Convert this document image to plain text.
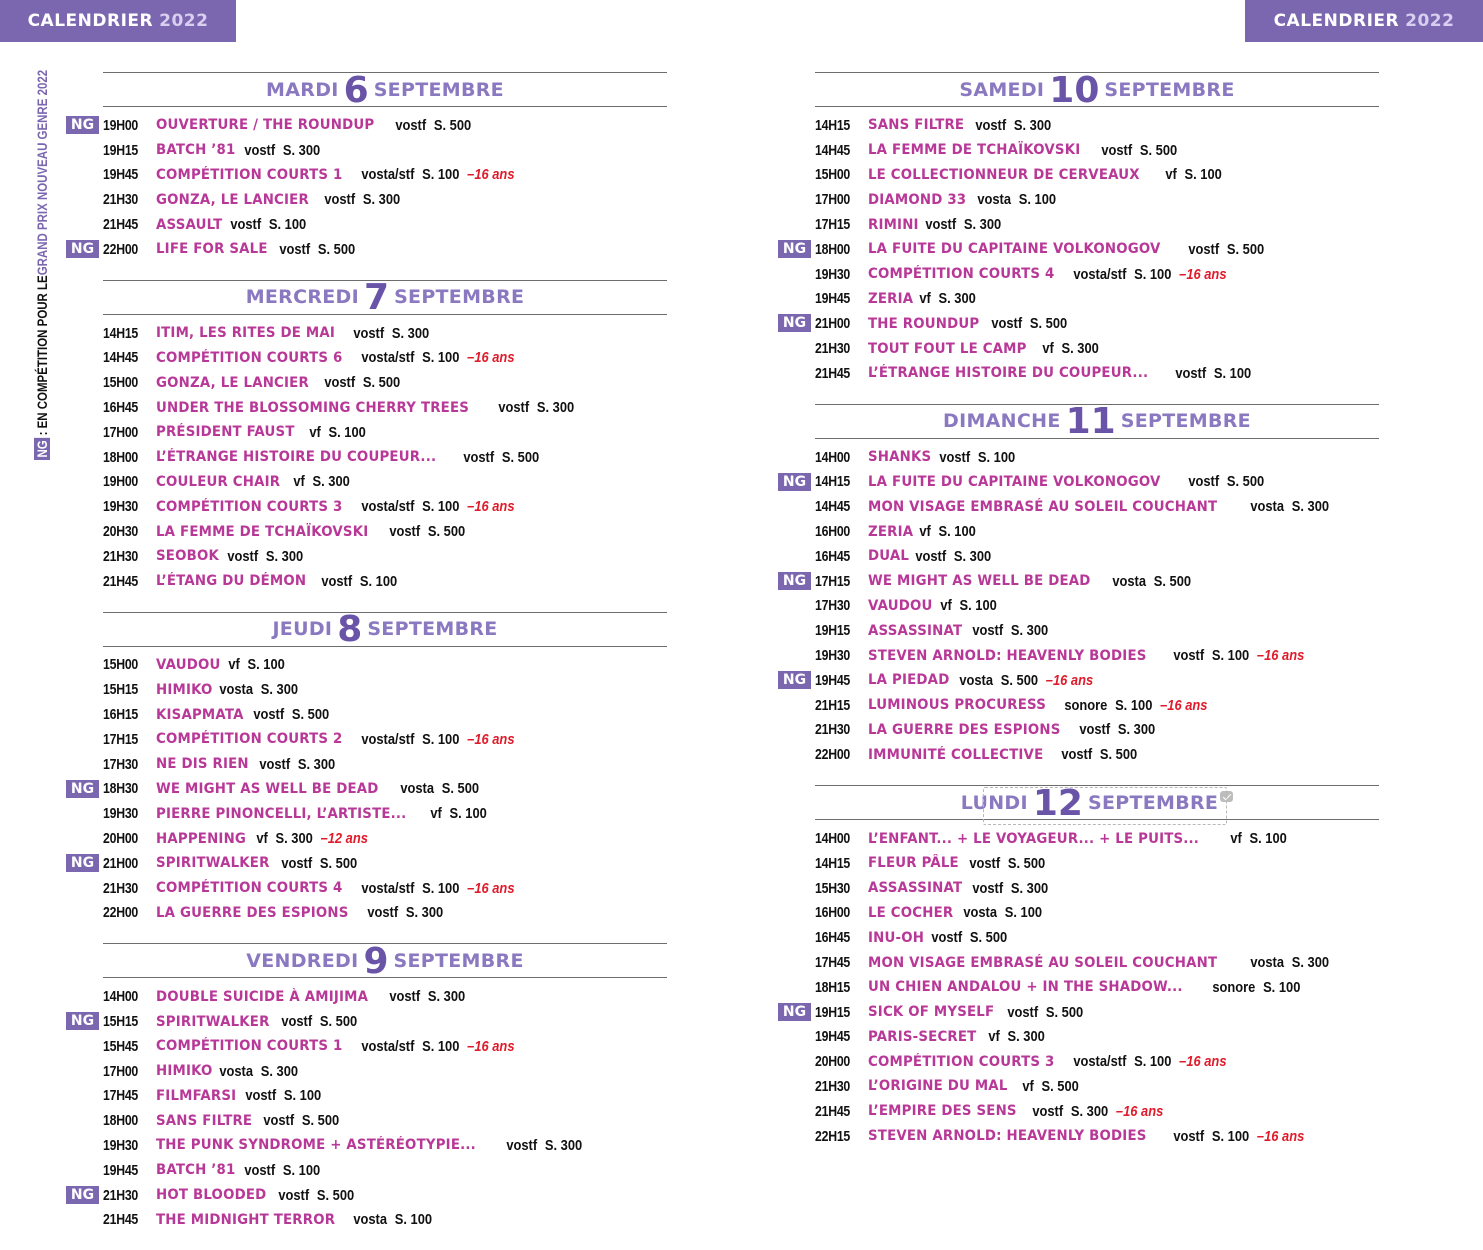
CALENDRIER 2022	CALENDRIER 2022
NG
: EN COMPÉTITION POUR LE
GRAND PRIX NOUVEAU GENRE 2022	MARDI 6 SEPTEMBRE
NG 19H00	OUVERTURE / THE ROUNDUP	vostf S. 500
19H15	BATCH ’81 vostf S. 300
19H45	COMPÉTITION COURTS 1	vosta/stf S. 100 –16 ans
21H30	GONZA, LE LANCIER	vostf S. 300
21H45	ASSAULT vostf S. 100
NG 22H00	LIFE FOR SALE vostf S. 500
MERCREDI 7 SEPTEMBRE
14H15	ITIM, LES RITES DE MAI	vostf S. 300
14H45	COMPÉTITION COURTS 6	vosta/stf S. 100 –16 ans
15H00	GONZA, LE LANCIER	vostf S. 500
16H45	UNDER THE BLOSSOMING CHERRY TREES	vostf S. 300
17H00	PRÉSIDENT FAUST vf S. 100
18H00	L’ÉTRANGE HISTOIRE DU COUPEUR...	vostf S. 500
19H00	COULEUR CHAIR vf S. 300
19H30	COMPÉTITION COURTS 3	vosta/stf S. 100 –16 ans
20H30	LA FEMME DE TCHAÏKOVSKI	vostf S. 500
21H30	SEOBOK vostf S. 300
21H45	L’ÉTANG DU DÉMON	vostf S. 100
JEUDI 8 SEPTEMBRE
15H00	VAUDOU vf S. 100
15H15	HIMIKO vosta S. 300
16H15	KISAPMATA vostf S. 500
17H15	COMPÉTITION COURTS 2	vosta/stf S. 100 –16 ans
17H30	NE DIS RIEN vostf S. 300
NG 18H30	WE MIGHT AS WELL BE DEAD	vosta S. 500
19H30	PIERRE PINONCELLI, L’ARTISTE...	vf S. 100
20H00	HAPPENING vf S. 300 –12 ans
NG 21H00	SPIRITWALKER vostf S. 500
21H30	COMPÉTITION COURTS 4	vosta/stf S. 100 –16 ans
22H00	LA GUERRE DES ESPIONS	vostf S. 300
VENDREDI 9 SEPTEMBRE
14H00	DOUBLE SUICIDE À AMIJIMA	vostf S. 300
NG 15H15	SPIRITWALKER vostf S. 500
15H45	COMPÉTITION COURTS 1	vosta/stf S. 100 –16 ans
17H00	HIMIKO vosta S. 300
17H45	FILMFARSI vostf S. 100
18H00	SANS FILTRE vostf S. 500
19H30	THE PUNK SYNDROME + ASTÉRÉOTYPIE...	vostf S. 300
19H45	BATCH ’81 vostf S. 100
NG 21H30	HOT BLOODED vostf S. 500
21H45	THE MIDNIGHT TERROR	vosta S. 100
SAMEDI 10 SEPTEMBRE
14H15	SANS FILTRE vostf S. 300
14H45	LA FEMME DE TCHAÏKOVSKI	vostf S. 500
15H00	LE COLLECTIONNEUR DE CERVEAUX	vf S. 100
17H00	DIAMOND 33 vosta S. 100
17H15	RIMINI vostf S. 300
NG 18H00	LA FUITE DU CAPITAINE VOLKONOGOV	vostf S. 500
19H30	COMPÉTITION COURTS 4	vosta/stf S. 100 –16 ans
19H45	ZERIA vf S. 300
NG 21H00	THE ROUNDUP vostf S. 500
21H30	TOUT FOUT LE CAMP	vf S. 300
21H45	L’ÉTRANGE HISTOIRE DU COUPEUR...	vostf S. 100
DIMANCHE 11 SEPTEMBRE
14H00	SHANKS vostf S. 100
NG 14H15	LA FUITE DU CAPITAINE VOLKONOGOV	vostf S. 500
14H45	MON VISAGE EMBRASÉ AU SOLEIL COUCHANT	vosta S. 300
16H00	ZERIA vf S. 100
16H45	DUAL vostf S. 300
NG 17H15	WE MIGHT AS WELL BE DEAD	vosta S. 500
17H30	VAUDOU vf S. 100
19H15	ASSASSINAT vostf S. 300
19H30	STEVEN ARNOLD: HEAVENLY BODIES	vostf S. 100 –16 ans
NG 19H45	LA PIEDAD vosta S. 500 –16 ans
21H15	LUMINOUS PROCURESS	sonore S. 100 –16 ans
21H30	LA GUERRE DES ESPIONS	vostf S. 300
22H00	IMMUNITÉ COLLECTIVE	vostf S. 500
LUNDI 12 SEPTEMBRE
14H00	L’ENFANT... + LE VOYAGEUR... + LE PUITS...	vf S. 100
14H15	FLEUR PÂLE vostf S. 500
15H30	ASSASSINAT vostf S. 300
16H00	LE COCHER vosta S. 100
16H45	INU-OH vostf S. 500
17H45	MON VISAGE EMBRASÉ AU SOLEIL COUCHANT	vosta S. 300
18H15	UN CHIEN ANDALOU + IN THE SHADOW...	sonore S. 100
NG 19H15	SICK OF MYSELF vostf S. 500
19H45	PARIS-SECRET vf S. 300
20H00	COMPÉTITION COURTS 3	vosta/stf S. 100 –16 ans
21H30	L’ORIGINE DU MAL vf S. 500
21H45	L’EMPIRE DES SENS	vostf S. 300 –16 ans
22H15	STEVEN ARNOLD: HEAVENLY BODIES	vostf S. 100 –16 ans
